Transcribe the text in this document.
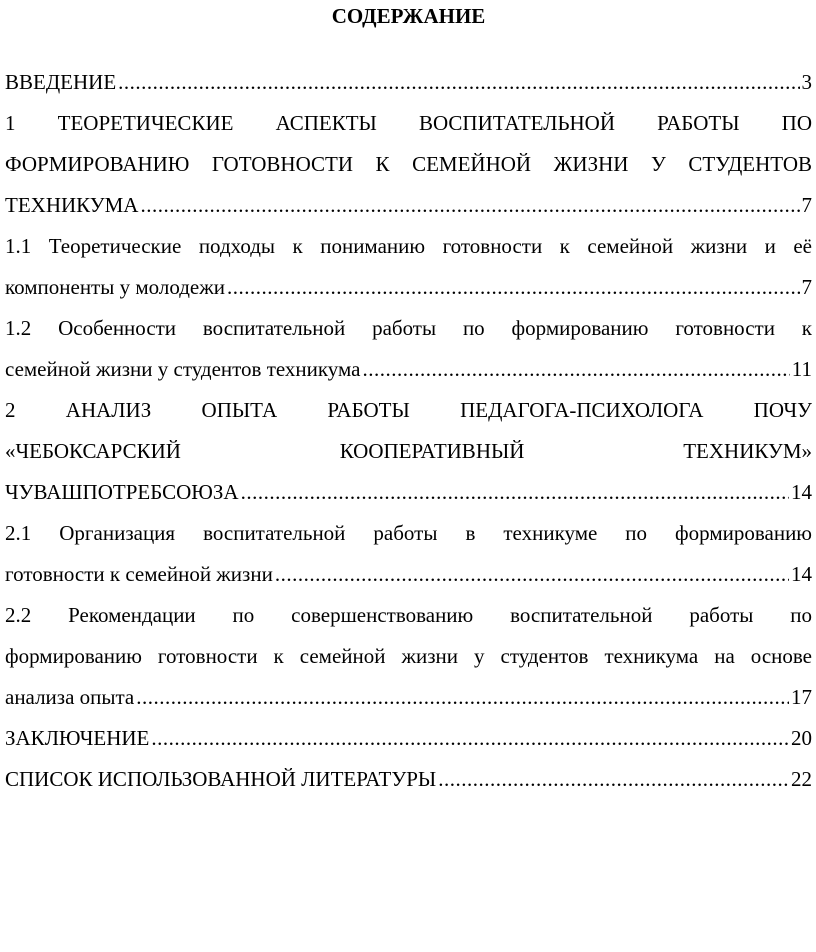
СОДЕРЖАНИЕ
ВВЕДЕНИЕ .....	3
1 ТЕОРЕТИЧЕСКИЕ АСПЕКТЫ ВОСПИТАТЕЛЬНОЙ РАБОТЫ ПО
ФОРМИРОВАНИЮ ГОТОВНОСТИ К СЕМЕЙНОЙ ЖИЗНИ У СТУДЕНТОВ
ТЕХНИКУМА .....	7
1.1 Теоретические подходы к пониманию готовности к семейной жизни и её
компоненты у молодежи .....	7
1.2 Особенности воспитательной работы по формированию готовности к
семейной жизни у студентов техникума .....	11
2 АНАЛИЗ ОПЫТА РАБОТЫ ПЕДАГОГА-ПСИХОЛОГА ПОЧУ
«ЧЕБОКСАРСКИЙ КООПЕРАТИВНЫЙ ТЕХНИКУМ»
ЧУВАШПОТРЕБСОЮЗА .....	14
2.1 Организация воспитательной работы в техникуме по формированию
готовности к семейной жизни .....	14
2.2 Рекомендации по совершенствованию воспитательной работы по
формированию готовности к семейной жизни у студентов техникума на основе
анализа опыта .....	17
ЗАКЛЮЧЕНИЕ .....	20
СПИСОК ИСПОЛЬЗОВАННОЙ ЛИТЕРАТУРЫ .....	22
